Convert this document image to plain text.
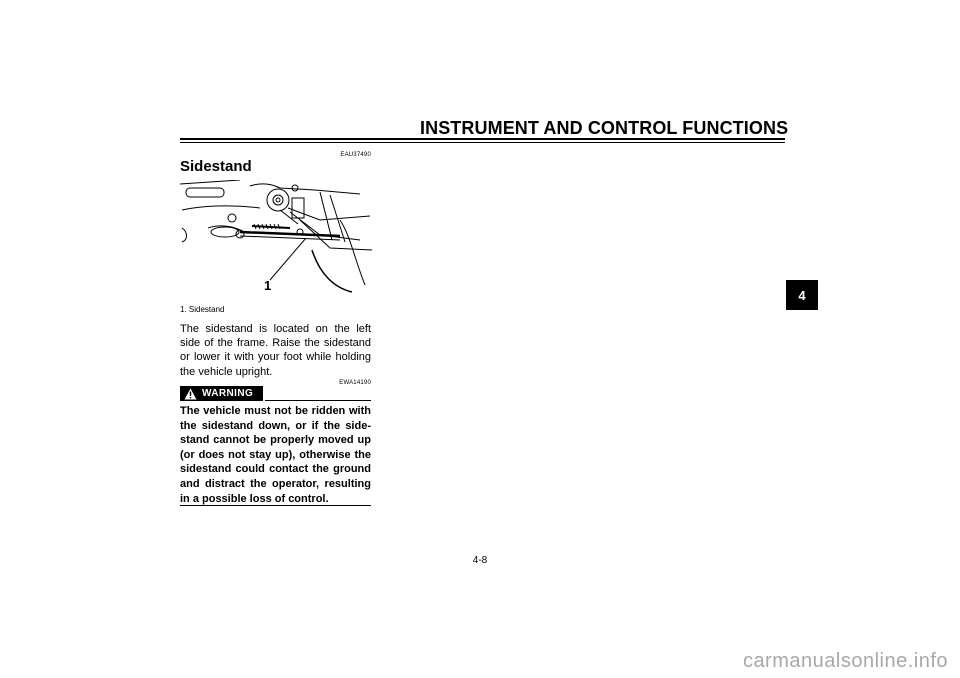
INSTRUMENT AND CONTROL FUNCTIONS
4
EAU37490
Sidestand
1
1. Sidestand

The sidestand is located on the left side of the frame. Raise the sidestand or lower it with your foot while holding the vehicle upright.

EWA14190
WARNING

The vehicle must not be ridden with the sidestand down, or if the side-stand cannot be properly moved up (or does not stay up), otherwise the sidestand could contact the ground and distract the operator, resulting in a possible loss of control.

4-8
carmanualsonline.info
